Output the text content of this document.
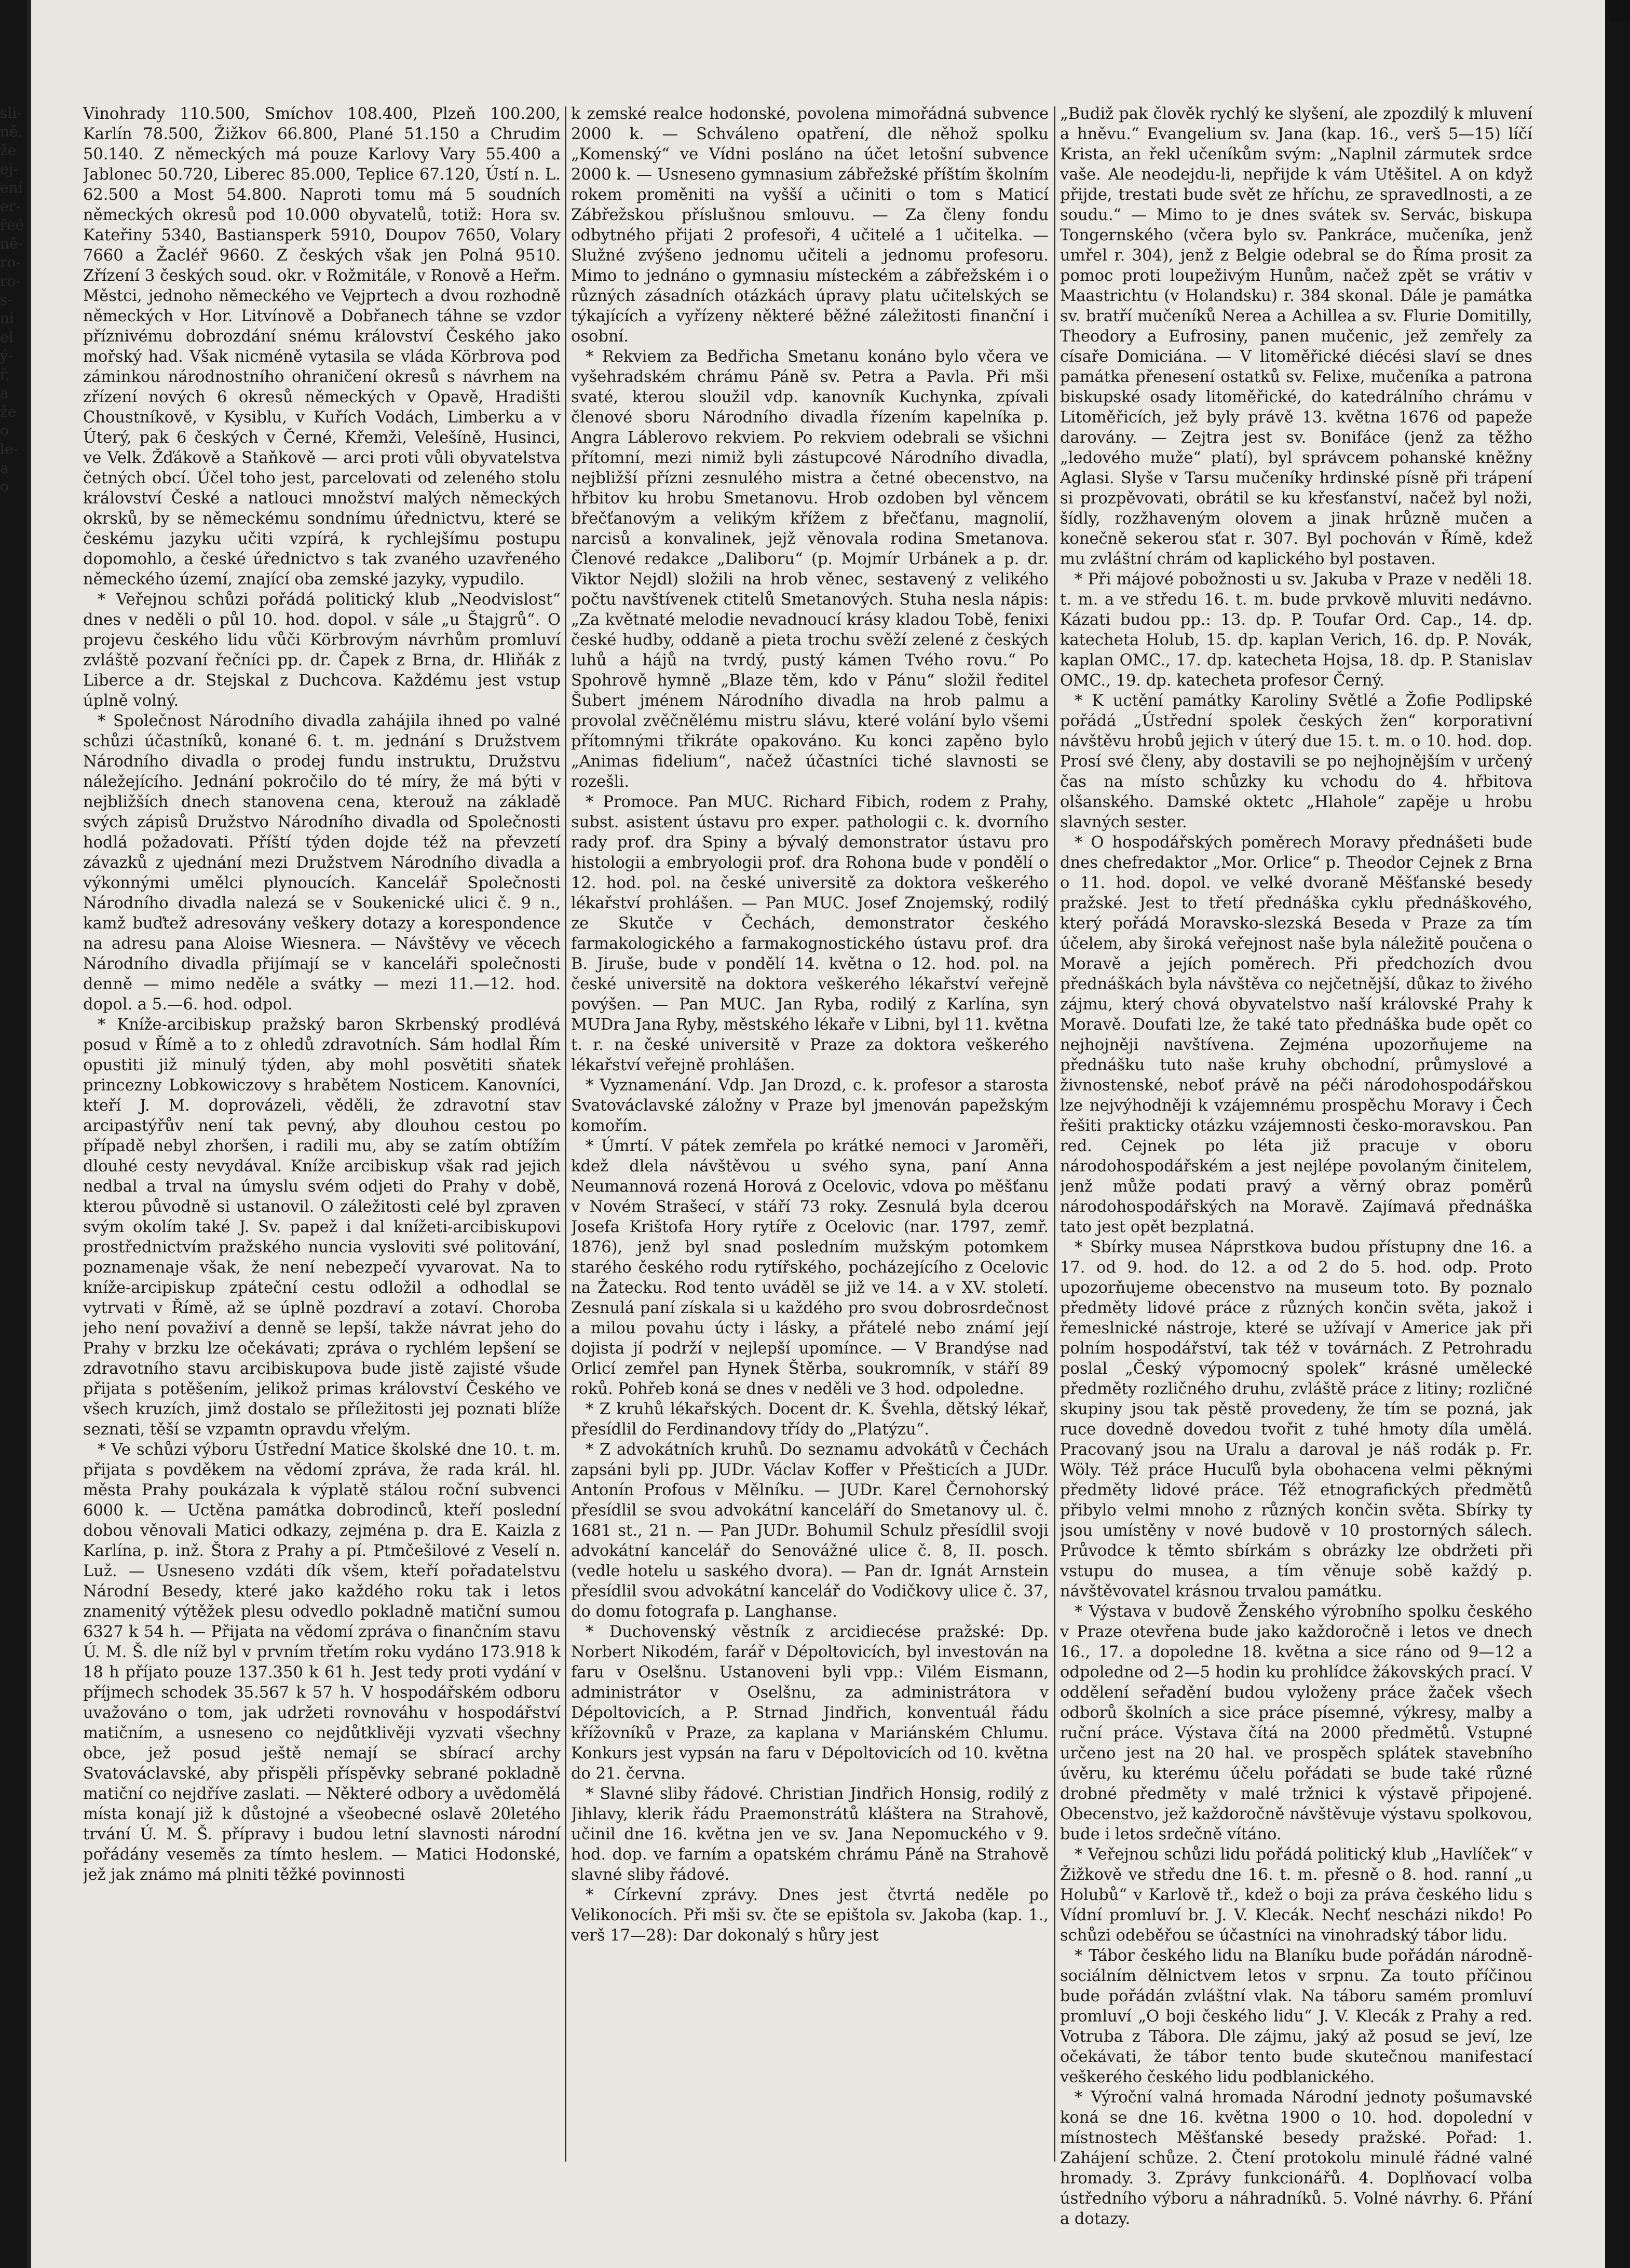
Vinohrady 110.500, Smíchov 108.400, Plzeň 100.200, Karlín 78.500, Žižkov 66.800, Plané 51.150 a Chrudim 50.140. Z německých má pouze Karlovy Vary 55.400 a Jablonec 50.720, Liberec 85.000, Teplice 67.120, Ústí n. L. 62.500 a Most 54.800. Naproti tomu má 5 soudních německých okresů pod 10.000 obyvatelů, totiž: Hora sv. Kateřiny 5340, Bastiansperk 5910, Doupov 7650, Volary 7660 a Žacléř 9660. Z českých však jen Polná 9510. Zřízení 3 českých soud. okr. v Rožmitále, v Ronově a Heřm. Městci, jednoho německého ve Vejprtech a dvou rozhodně německých v Hor. Litvínově a Dobřanech táhne se vzdor příznivému dobrozdání snému království Českého jako mořský had. Však nicméně vytasila se vláda Körbrova pod záminkou národnostního ohraničení okresů s návrhem na zřízení nových 6 okresů německých v Opavě, Hradišti Choustníkově, v Kysiblu, v Kuřích Vodách, Limberku a v Úterý, pak 6 českých v Černé, Křemži, Velešíně, Husinci, ve Velk. Žďákově a Staňkově — arci proti vůli obyvatelstva četných obcí. Účel toho jest, parcelovati od zeleného stolu království České a natlouci množství malých německých okrsků, by se německému sondnímu úřednictvu, které se českému jazyku učiti vzpírá, k rychlejšímu postupu dopomohlo, a české úřednictvo s tak zvaného uzavřeného německého území, znající oba zemské jazyky, vypudilo.

* Veřejnou schůzi pořádá politický klub „Neodvislost“ dnes v neděli o půl 10. hod. dopol. v sále „u Štajgrů“. O projevu českého lidu vůči Körbrovým návrhům promluví zvláště pozvaní řečníci pp. dr. Čapek z Brna, dr. Hliňák z Liberce a dr. Stejskal z Duchcova. Každému jest vstup úplně volný.

* Společnost Národního divadla zahájila ihned po valné schůzi účastníků, konané 6. t. m. jednání s Družstvem Národního divadla o prodej fundu instruktu, Družstvu náležejícího. Jednání pokročilo do té míry, že má býti v nejbližších dnech stanovena cena, kterouž na základě svých zápisů Družstvo Národního divadla od Společnosti hodlá požadovati. Příští týden dojde též na převzetí závazků z ujednání mezi Družstvem Národního divadla a výkonnými umělci plynoucích. Kancelář Společnosti Národního divadla nalezá se v Soukenické ulici č. 9 n., kamž buďtež adresovány veškery dotazy a korespondence na adresu pana Aloise Wiesnera. — Návštěvy ve věcech Národního divadla přijímají se v kanceláři společnosti denně — mimo neděle a svátky — mezi 11.—12. hod. dopol. a 5.—6. hod. odpol.

* Kníže-arcibiskup pražský baron Skrbenský prodlévá posud v Římě a to z ohledů zdravotních. Sám hodlal Řím opustiti již minulý týden, aby mohl posvětiti sňatek princezny Lobkowiczovy s hrabětem Nosticem. Kanovníci, kteří J. M. doprovázeli, věděli, že zdravotní stav arcipastýřův není tak pevný, aby dlouhou cestou po případě nebyl zhoršen, i radili mu, aby se zatím obtížím dlouhé cesty nevydával. Kníže arcibiskup však rad jejich nedbal a trval na úmyslu svém odjeti do Prahy v době, kterou původně si ustanovil. O záležitosti celé byl zpraven svým okolím také J. Sv. papež i dal knížeti-arcibiskupovi prostřednictvím pražského nuncia vysloviti své politování, poznamenaje však, že není nebezpečí vyvarovat. Na to kníže-arcipiskup zpáteční cestu odložil a odhodlal se vytrvati v Římě, až se úplně pozdraví a zotaví. Choroba jeho není považiví a denně se lepší, takže návrat jeho do Prahy v brzku lze očekávati; zpráva o rychlém lepšení se zdravotního stavu arcibiskupova bude jistě zajisté všude přijata s potěšením, jelikož primas království Českého ve všech kruzích, jimž dostalo se příležitosti jej poznati blíže seznati, těší se vzpamtn opravdu vřelým.

* Ve schůzi výboru Ústřední Matice školské dne 10. t. m. přijata s povděkem na vědomí zpráva, že rada král. hl. města Prahy poukázala k výplatě stálou roční subvenci 6000 k. — Uctěna památka dobrodinců, kteří poslední dobou věnovali Matici odkazy, zejména p. dra E. Kaizla z Karlína, p. inž. Štora z Prahy a pí. Ptmčešilové z Veselí n. Luž. — Usneseno vzdáti dík všem, kteří pořadatelstvu Národní Besedy, které jako každého roku tak i letos znamenitý výtěžek plesu odvedlo pokladně matiční sumou 6327 k 54 h. — Přijata na vědomí zpráva o finančním stavu Ú. M. Š. dle níž byl v prvním třetím roku vydáno 173.918 k 18 h příjato pouze 137.350 k 61 h. Jest tedy proti vydání v příjmech schodek 35.567 k 57 h. V hospodářském odboru uvažováno o tom, jak udržeti rovnováhu v hospodářství matičním, a usneseno co nejdůtklivěji vyzvati všechny obce, jež posud ještě nemají se sbírací archy Svatováclavské, aby přispěli příspěvky sebrané pokladně matiční co nejdříve zaslati. — Některé odbory a uvědomělá místa konají již k důstojné a všeobecné oslavě 20letého trvání Ú. M. Š. přípravy i budou letní slavnosti národní pořádány veseměs za tímto heslem. — Matici Hodonské, jež jak známo má plniti těžké povinnosti

k zemské realce hodonské, povolena mimořádná subvence 2000 k. — Schváleno opatření, dle něhož spolku „Komenský“ ve Vídni posláno na účet letošní subvence 2000 k. — Usneseno gymnasium zábřežské příštím školním rokem proměniti na vyšší a učiniti o tom s Maticí Zábřežskou příslušnou smlouvu. — Za členy fondu odbytného přijati 2 profesoři, 4 učitelé a 1 učitelka. — Služné zvýšeno jednomu učiteli a jednomu profesoru. Mimo to jednáno o gymnasiu místeckém a zábřežském i o různých zásadních otázkách úpravy platu učitelských se týkajících a vyřízeny některé běžné záležitosti finanční i osobní.

* Rekviem za Bedřicha Smetanu konáno bylo včera ve vyšehradském chrámu Páně sv. Petra a Pavla. Při mši svaté, kterou sloužil vdp. kanovník Kuchynka, zpívali členové sboru Národního divadla řízením kapelníka p. Angra Láblerovo rekviem. Po rekviem odebrali se všichni přítomní, mezi nimiž byli zástupcové Národního divadla, nejbližší přízni zesnulého mistra a četné obecenstvo, na hřbitov ku hrobu Smetanovu. Hrob ozdoben byl věncem břečťanovým a velikým křížem z břečťanu, magnolií, narcisů a konvalinek, jejž věnovala rodina Smetanova. Členové redakce „Daliboru“ (p. Mojmír Urbánek a p. dr. Viktor Nejdl) složili na hrob věnec, sestavený z velikého počtu navštívenek ctitelů Smetanových. Stuha nesla nápis: „Za květnaté melodie nevadnoucí krásy kladou Tobě, fenixi české hudby, oddaně a pieta trochu svěží zelené z českých luhů a hájů na tvrdý, pustý kámen Tvého rovu.“ Po Spohrově hymně „Blaze těm, kdo v Pánu“ složil ředitel Šubert jménem Národního divadla na hrob palmu a provolal zvěčnělému mistru slávu, které volání bylo všemi přítomnými třikráte opakováno. Ku konci zapěno bylo „Animas fidelium“, načež účastníci tiché slavnosti se rozešli.

* Promoce. Pan MUC. Richard Fibich, rodem z Prahy, subst. asistent ústavu pro exper. pathologii c. k. dvorního rady prof. dra Spiny a bývalý demonstrator ústavu pro histologii a embryologii prof. dra Rohona bude v pondělí o 12. hod. pol. na české universitě za doktora veškerého lékařství prohlášen. — Pan MUC. Josef Znojemský, rodilý ze Skutče v Čechách, demonstrator českého farmakologického a farmakognostického ústavu prof. dra B. Jiruše, bude v pondělí 14. května o 12. hod. pol. na české universitě na doktora veškerého lékařství veřejně povýšen. — Pan MUC. Jan Ryba, rodilý z Karlína, syn MUDra Jana Ryby, městského lékaře v Libni, byl 11. května t. r. na české universitě v Praze za doktora veškerého lékařství veřejně prohlášen.

* Vyznamenání. Vdp. Jan Drozd, c. k. profesor a starosta Svatováclavské záložny v Praze byl jmenován papežským komořím.

* Úmrtí. V pátek zemřela po krátké nemoci v Jaroměři, kdež dlela návštěvou u svého syna, paní Anna Neumannová rozená Horová z Ocelovic, vdova po měšťanu v Novém Strašecí, v stáří 73 roky. Zesnulá byla dcerou Josefa Krištofa Hory rytíře z Ocelovic (nar. 1797, zemř. 1876), jenž byl snad posledním mužským potomkem starého českého rodu rytířského, pocházejícího z Ocelovic na Žatecku. Rod tento uváděl se již ve 14. a v XV. století. Zesnulá paní získala si u každého pro svou dobrosrdečnost a milou povahu úcty i lásky, a přátelé nebo známí její dojista jí podrží v nejlepší upomínce. — V Brandýse nad Orlicí zemřel pan Hynek Štěrba, soukromník, v stáří 89 roků. Pohřeb koná se dnes v neděli ve 3 hod. odpoledne.

* Z kruhů lékařských. Docent dr. K. Švehla, dětský lékař, přesídlil do Ferdinandovy třídy do „Platýzu“.

* Z advokátních kruhů. Do seznamu advokátů v Čechách zapsáni byli pp. JUDr. Václav Koffer v Přešticích a JUDr. Antonín Profous v Mělníku. — JUDr. Karel Černohorský přesídlil se svou advokátní kanceláří do Smetanovy ul. č. 1681 st., 21 n. — Pan JUDr. Bohumil Schulz přesídlil svoji advokátní kancelář do Senovážné ulice č. 8, II. posch. (vedle hotelu u saského dvora). — Pan dr. Ignát Arnstein přesídlil svou advokátní kancelář do Vodičkovy ulice č. 37, do domu fotografa p. Langhanse.

* Duchovenský věstník z arcidiecése pražské: Dp. Norbert Nikodém, farář v Dépoltovicích, byl investován na faru v Oselšnu. Ustanoveni byli vpp.: Vilém Eismann, administrátor v Oselšnu, za administrátora v Dépoltovicích, a P. Strnad Jindřich, konventuál řádu křížovníků v Praze, za kaplana v Mariánském Chlumu. Konkurs jest vypsán na faru v Dépoltovicích od 10. května do 21. června.

* Slavné sliby řádové. Christian Jindřich Honsig, rodilý z Jihlavy, klerik řádu Praemonstrátů kláštera na Strahově, učinil dne 16. května jen ve sv. Jana Nepomuckého v 9. hod. dop. ve farním a opatském chrámu Páně na Strahově slavné sliby řádové.

* Církevní zprávy. Dnes jest čtvrtá neděle po Velikonocích. Při mši sv. čte se epištola sv. Jakoba (kap. 1., verš 17—28): Dar dokonalý s hůry jest

„Budiž pak člověk rychlý ke slyšení, ale zpozdilý k mluvení a hněvu.“ Evangelium sv. Jana (kap. 16., verš 5—15) líčí Krista, an řekl učeníkům svým: „Naplnil zármutek srdce vaše. Ale neodejdu-li, nepřijde k vám Utěšitel. A on když přijde, trestati bude svět ze hříchu, ze spravedlnosti, a ze soudu.“ — Mimo to je dnes svátek sv. Servác, biskupa Tongernského (včera bylo sv. Pankráce, mučeníka, jenž umřel r. 304), jenž z Belgie odebral se do Říma prosit za pomoc proti loupeživým Hunům, načež zpět se vrátiv v Maastrichtu (v Holandsku) r. 384 skonal. Dále je památka sv. bratří mučeníků Nerea a Achillea a sv. Flurie Domitilly, Theodory a Eufrosiny, panen mučenic, jež zemřely za císaře Domiciána. — V litoměřické diécési slaví se dnes památka přenesení ostatků sv. Felixe, mučeníka a patrona biskupské osady litoměřické, do katedrálního chrámu v Litoměřicích, jež byly právě 13. května 1676 od papeže darovány. — Zejtra jest sv. Bonifáce (jenž za těžho „ledového muže“ platí), byl správcem pohanské kněžny Aglasi. Slyše v Tarsu mučeníky hrdinské písně při trápení si prozpěvovati, obrátil se ku křesťanství, načež byl noži, šídly, rozžhaveným olovem a jinak hrůzně mučen a konečně sekerou sťat r. 307. Byl pochován v Římě, kdež mu zvláštní chrám od kaplického byl postaven.

* Při májové pobožnosti u sv. Jakuba v Praze v neděli 18. t. m. a ve středu 16. t. m. bude prvkově mluviti nedávno. Kázati budou pp.: 13. dp. P. Toufar Ord. Cap., 14. dp. katecheta Holub, 15. dp. kaplan Verich, 16. dp. P. Novák, kaplan OMC., 17. dp. katecheta Hojsa, 18. dp. P. Stanislav OMC., 19. dp. katecheta profesor Černý.

* K uctění památky Karoliny Světlé a Žofie Podlipské pořádá „Ústřední spolek českých žen“ korporativní návštěvu hrobů jejich v úterý due 15. t. m. o 10. hod. dop. Prosí své členy, aby dostavili se po nejhojnějším v určený čas na místo schůzky ku vchodu do 4. hřbitova olšanského. Damské oktetc „Hlahole“ zapěje u hrobu slavných sester.

* O hospodářských poměrech Moravy přednášeti bude dnes chefredaktor „Mor. Orlice“ p. Theodor Cejnek z Brna o 11. hod. dopol. ve velké dvoraně Měšťanské besedy pražské. Jest to třetí přednáška cyklu přednáškového, který pořádá Moravsko-slezská Beseda v Praze za tím účelem, aby široká veřejnost naše byla náležitě poučena o Moravě a jejích poměrech. Při předchozích dvou přednáškách byla návštěva co nejčetnější, důkaz to živého zájmu, který chová obyvatelstvo naší královské Prahy k Moravě. Doufati lze, že také tato přednáška bude opět co nejhojněji navštívena. Zejména upozorňujeme na přednášku tuto naše kruhy obchodní, průmyslové a živnostenské, neboť právě na péči národohospodářskou lze nejvýhodněji k vzájemnému prospěchu Moravy i Čech řešiti prakticky otázku vzájemnosti česko-moravskou. Pan red. Cejnek po léta již pracuje v oboru národohospodářském a jest nejlépe povolaným činitelem, jenž může podati pravý a věrný obraz poměrů národohospodářských na Moravě. Zajímavá přednáška tato jest opět bezplatná.

* Sbírky musea Náprstkova budou přístupny dne 16. a 17. od 9. hod. do 12. a od 2 do 5. hod. odp. Proto upozorňujeme obecenstvo na museum toto. By poznalo předměty lidové práce z různých končin světa, jakož i řemeslnické nástroje, které se užívají v Americe jak při polním hospodářství, tak též v továrnách. Z Petrohradu poslal „Český výpomocný spolek“ krásné umělecké předměty rozličného druhu, zvláště práce z litiny; rozličné skupiny jsou tak pěstě provedeny, že tím se pozná, jak ruce dovedně dovedou tvořit z tuhé hmoty díla umělá. Pracovaný jsou na Uralu a daroval je náš rodák p. Fr. Wöly. Též práce Hucuľů byla obohacena velmi pěknými předměty lidové práce. Též etnografických předmětů přibylo velmi mnoho z různých končin světa. Sbírky ty jsou umístěny v nové budově v 10 prostorných sálech. Průvodce k těmto sbírkám s obrázky lze obdržeti při vstupu do musea, a tím věnuje sobě každý p. návštěvovatel krásnou trvalou památku.

* Výstava v budově Ženského výrobního spolku českého v Praze otevřena bude jako každoročně i letos ve dnech 16., 17. a dopoledne 18. května a sice ráno od 9—12 a odpoledne od 2—5 hodin ku prohlídce žákovských prací. V oddělení seřadění budou vyloženy práce žaček všech odborů školních a sice práce písemné, výkresy, malby a ruční práce. Výstava čítá na 2000 předmětů. Vstupné určeno jest na 20 hal. ve prospěch splátek stavebního úvěru, ku kterému účelu pořádati se bude také různé drobné předměty v malé tržnici k výstavě připojené. Obecenstvo, jež každoročně návštěvuje výstavu spolkovou, bude i letos srdečně vítáno.

* Veřejnou schůzi lidu pořádá politický klub „Havlíček“ v Žižkově ve středu dne 16. t. m. přesně o 8. hod. ranní „u Holubů“ v Karlově tř., kdež o boji za práva českého lidu s Vídní promluví br. J. V. Klecák. Nechť nescházi nikdo! Po schůzi odeběřou se účastníci na vinohradský tábor lidu.

* Tábor českého lidu na Blaníku bude pořádán národně-sociálním dělnictvem letos v srpnu. Za touto příčinou bude pořádán zvláštní vlak. Na táboru samém promluví promluví „O boji českého lidu“ J. V. Klecák z Prahy a red. Votruba z Tábora. Dle zájmu, jaký až posud se jeví, lze očekávati, že tábor tento bude skutečnou manifestací veškerého českého lidu podblanického.

* Výroční valná hromada Národní jednoty pošumavské koná se dne 16. května 1900 o 10. hod. dopolední v místnostech Měšťanské besedy pražské. Pořad: 1. Zahájení schůze. 2. Čtení protokolu minulé řádné valné hromady. 3. Zprávy funkcionářů. 4. Doplňovací volba ústředního výboru a náhradníků. 5. Volné návrhy. 6. Přání a dotazy.

sli-
ně.
že
ej-
ení
er-
řeé
ně-
ro-
ro-
s-
ní
el
ý-
ř,
a
že
o
le-
a
o
